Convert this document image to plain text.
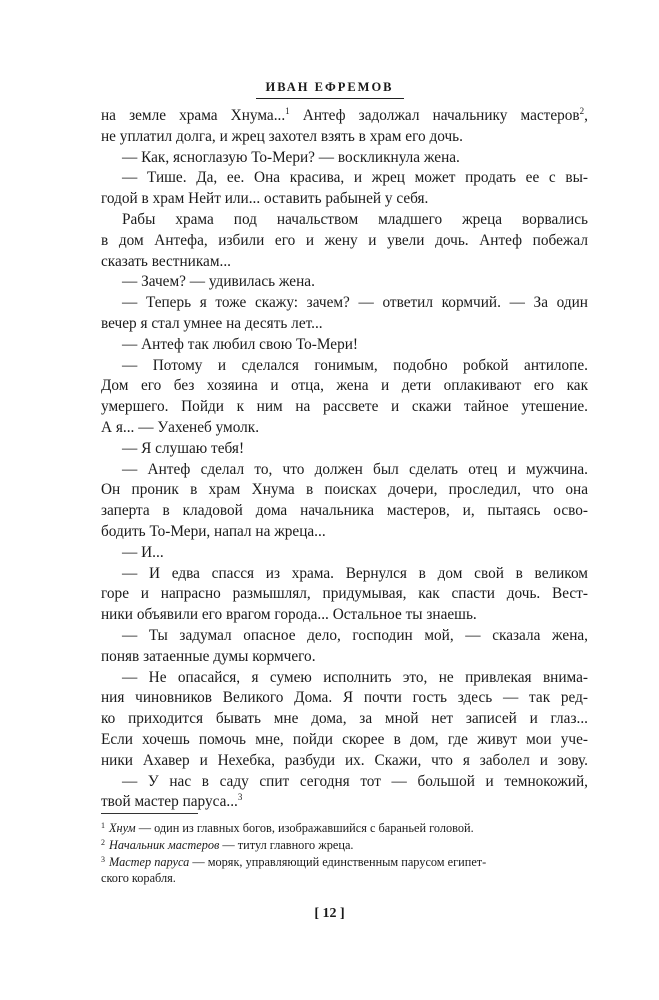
ИВАН ЕФРЕМОВ
на земле храма Хнума...$^1$ Антеф задолжал начальнику мастеров$^2$,
не уплатил долга, и жрец захотел взять в храм его дочь.
— Как, ясноглазую То-Мери? — воскликнула жена.
— Тише. Да, ее. Она красива, и жрец может продать ее с вы-
годой в храм Нейт или... оставить рабыней у себя.
Рабы храма под начальством младшего жреца ворвались
в дом Антефа, избили его и жену и увели дочь. Антеф побежал
сказать вестникам...
— Зачем? — удивилась жена.
— Теперь я тоже скажу: зачем? — ответил кормчий. — За один
вечер я стал умнее на десять лет...
— Антеф так любил свою То-Мери!
— Потому и сделался гонимым, подобно робкой антилопе.
Дом его без хозяина и отца, жена и дети оплакивают его как
умершего. Пойди к ним на рассвете и скажи тайное утешение.
А я... — Уахенеб умолк.
— Я слушаю тебя!
— Антеф сделал то, что должен был сделать отец и мужчина.
Он проник в храм Хнума в поисках дочери, проследил, что она
заперта в кладовой дома начальника мастеров, и, пытаясь осво-
бодить То-Мери, напал на жреца...
— И...
— И едва спасся из храма. Вернулся в дом свой в великом
горе и напрасно размышлял, придумывая, как спасти дочь. Вест-
ники объявили его врагом города... Остальное ты знаешь.
— Ты задумал опасное дело, господин мой, — сказала жена,
поняв затаенные думы кормчего.
— Не опасайся, я сумею исполнить это, не привлекая внима-
ния чиновников Великого Дома. Я почти гость здесь — так ред-
ко приходится бывать мне дома, за мной нет записей и глаз...
Если хочешь помочь мне, пойди скорее в дом, где живут мои уче-
ники Ахавер и Нехебка, разбуди их. Скажи, что я заболел и зову.
— У нас в саду спит сегодня тот — большой и темнокожий,
твой мастер паруса...$^3$
$^1$ Хнум — один из главных богов, изображавшийся с бараньей головой.
$^2$ Начальник мастеров — титул главного жреца.
$^3$ Мастер паруса — моряк, управляющий единственным парусом египет-
ского корабля.
[ 12 ]
